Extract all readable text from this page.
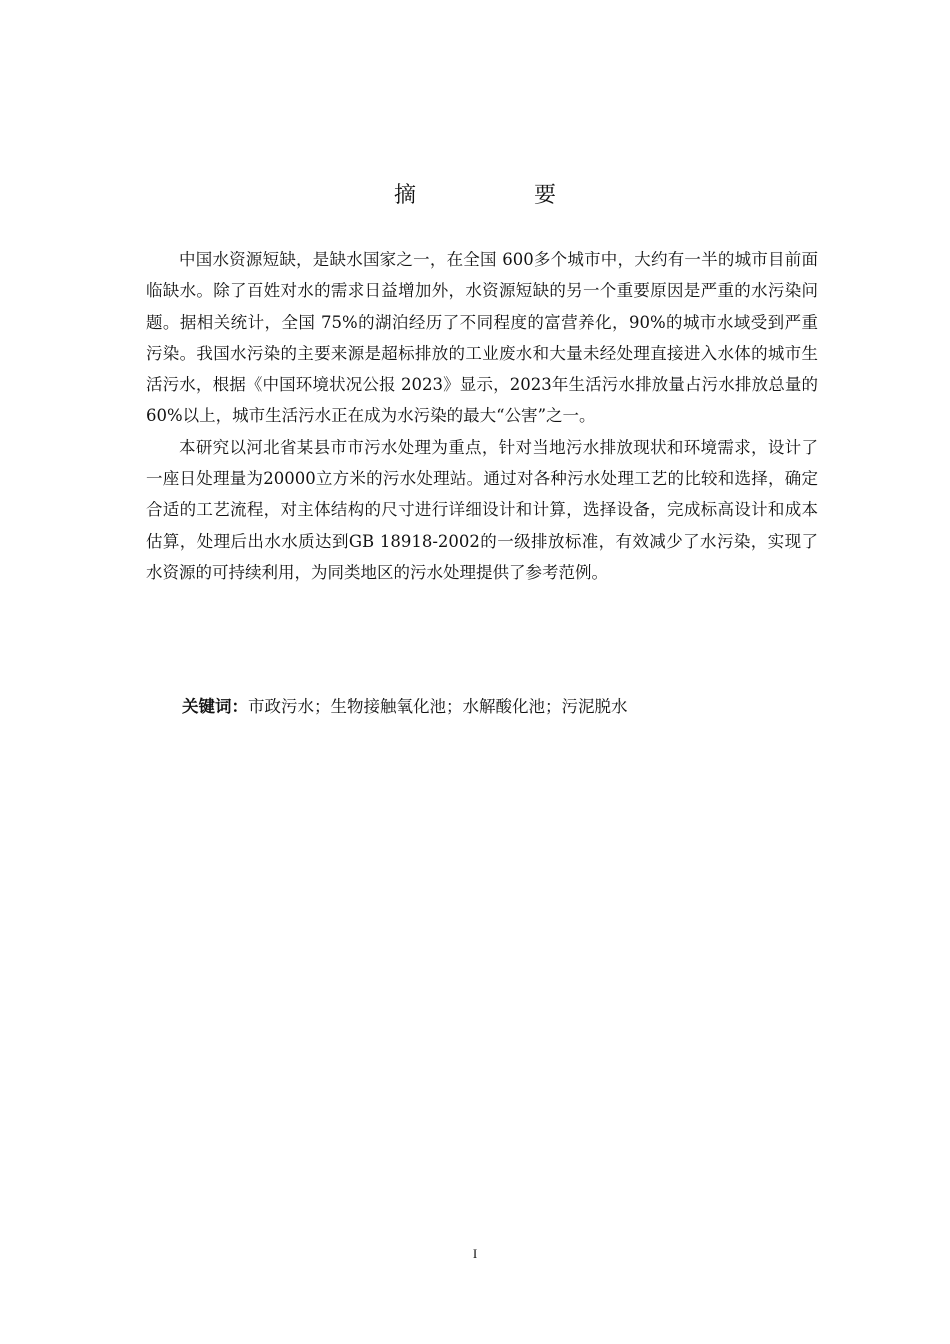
摘　要

中国水资源短缺，是缺水国家之一，在全国 600多个城市中，大约有一半的城市目前面临缺水。除了百姓对水的需求日益增加外，水资源短缺的另一个重要原因是严重的水污染问题。据相关统计，全国 75%的湖泊经历了不同程度的富营养化，90%的城市水域受到严重污染。我国水污染的主要来源是超标排放的工业废水和大量未经处理直接进入水体的城市生活污水，根据《中国环境状况公报 2023》显示，2023年生活污水排放量占污水排放总量的 60%以上，城市生活污水正在成为水污染的最大“公害”之一。

本研究以河北省某县市市污水处理为重点，针对当地污水排放现状和环境需求，设计了一座日处理量为20000立方米的污水处理站。通过对各种污水处理工艺的比较和选择，确定合适的工艺流程，对主体结构的尺寸进行详细设计和计算，选择设备，完成标高设计和成本估算，处理后出水水质达到GB 18918-2002的一级排放标准，有效减少了水污染，实现了水资源的可持续利用，为同类地区的污水处理提供了参考范例。

关键词：市政污水；生物接触氧化池；水解酸化池；污泥脱水
I
